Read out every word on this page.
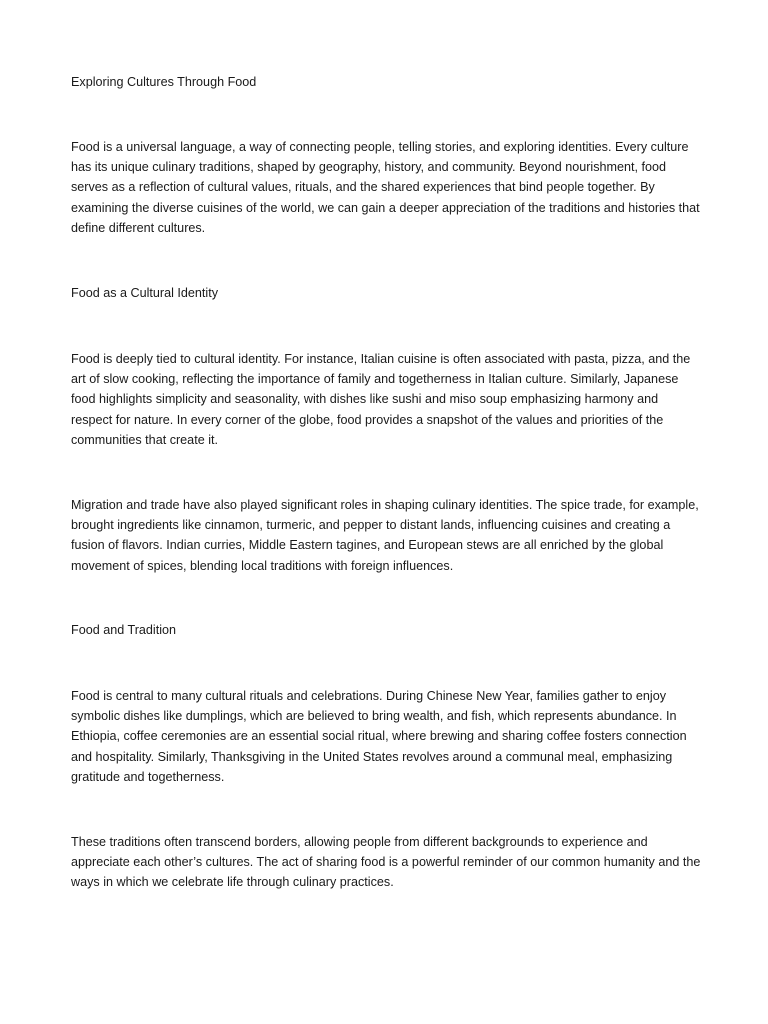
Exploring Cultures Through Food

Food is a universal language, a way of connecting people, telling stories, and exploring identities. Every culture has its unique culinary traditions, shaped by geography, history, and community. Beyond nourishment, food serves as a reflection of cultural values, rituals, and the shared experiences that bind people together. By examining the diverse cuisines of the world, we can gain a deeper appreciation of the traditions and histories that define different cultures.

Food as a Cultural Identity

Food is deeply tied to cultural identity. For instance, Italian cuisine is often associated with pasta, pizza, and the art of slow cooking, reflecting the importance of family and togetherness in Italian culture. Similarly, Japanese food highlights simplicity and seasonality, with dishes like sushi and miso soup emphasizing harmony and respect for nature. In every corner of the globe, food provides a snapshot of the values and priorities of the communities that create it.

Migration and trade have also played significant roles in shaping culinary identities. The spice trade, for example, brought ingredients like cinnamon, turmeric, and pepper to distant lands, influencing cuisines and creating a fusion of flavors. Indian curries, Middle Eastern tagines, and European stews are all enriched by the global movement of spices, blending local traditions with foreign influences.

Food and Tradition

Food is central to many cultural rituals and celebrations. During Chinese New Year, families gather to enjoy symbolic dishes like dumplings, which are believed to bring wealth, and fish, which represents abundance. In Ethiopia, coffee ceremonies are an essential social ritual, where brewing and sharing coffee fosters connection and hospitality. Similarly, Thanksgiving in the United States revolves around a communal meal, emphasizing gratitude and togetherness.

These traditions often transcend borders, allowing people from different backgrounds to experience and appreciate each other’s cultures. The act of sharing food is a powerful reminder of our common humanity and the ways in which we celebrate life through culinary practices.
